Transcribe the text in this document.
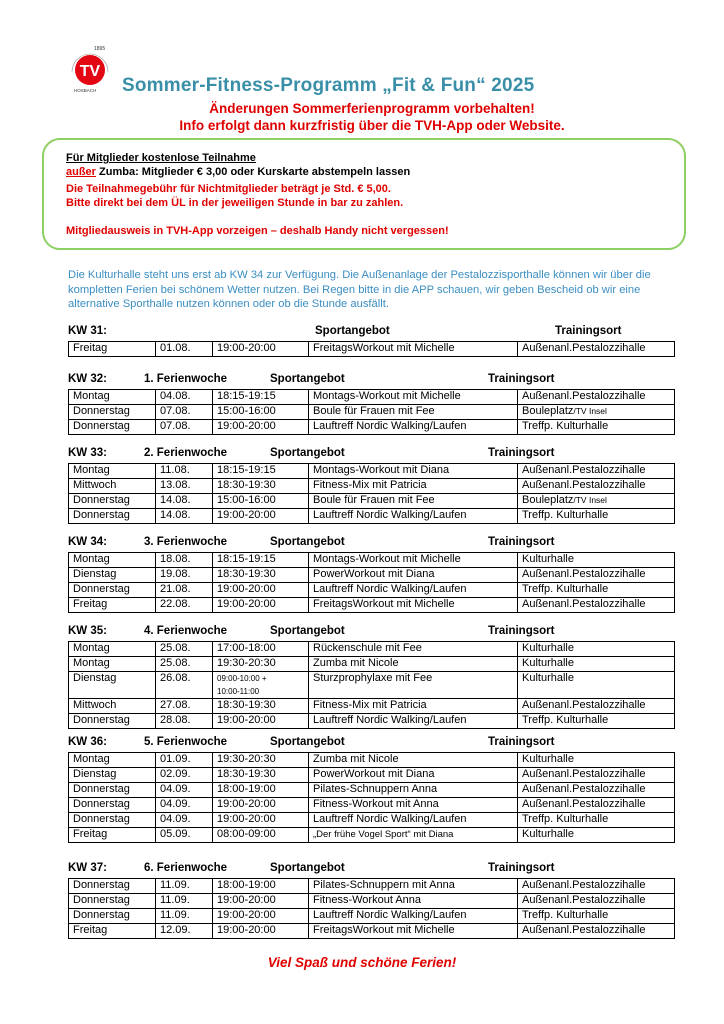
1895
TV
HOSBACH Sommer-Fitness-Programm „Fit & Fun“ 2025
Änderungen Sommerferienprogramm vorbehalten!
Info erfolgt dann kurzfristig über die TVH-App oder Website.
Für Mitglieder kostenlose Teilnahme
außer Zumba: Mitglieder € 3,00 oder Kurskarte abstempeln lassen
Die Teilnahmegebühr für Nichtmitglieder beträgt je Std. € 5,00.
Bitte direkt bei dem ÜL in der jeweiligen Stunde in bar zu zahlen.
Mitgliedausweis in TVH-App vorzeigen – deshalb Handy nicht vergessen!
Die Kulturhalle steht uns erst ab KW 34 zur Verfügung. Die Außenanlage der Pestalozzisporthalle können wir über die kompletten Ferien bei schönem Wetter nutzen. Bei Regen bitte in die APP schauen, wir geben Bescheid ob wir eine alternative Sporthalle nutzen können oder ob die Stunde ausfällt.
KW 31:	Sportangebot	Trainingsort
Freitag	01.08.	19:00-20:00	FreitagsWorkout mit Michelle	Außenanl.Pestalozzihalle
KW 32:	1. Ferienwoche	Sportangebot	Trainingsort
Montag	04.08.	18:15-19:15	Montags-Workout mit Michelle	Außenanl.Pestalozzihalle
Donnerstag	07.08.	15:00-16:00	Boule für Frauen mit Fee	Bouleplatz/TV Insel
Donnerstag	07.08.	19:00-20:00	Lauftreff Nordic Walking/Laufen	Treffp. Kulturhalle
KW 33:	2. Ferienwoche	Sportangebot	Trainingsort
Montag	11.08.	18:15-19:15	Montags-Workout mit Diana	Außenanl.Pestalozzihalle
Mittwoch	13.08.	18:30-19:30	Fitness-Mix mit Patricia	Außenanl.Pestalozzihalle
Donnerstag	14.08.	15:00-16:00	Boule für Frauen mit Fee	Bouleplatz/TV Insel
Donnerstag	14.08.	19:00-20:00	Lauftreff Nordic Walking/Laufen	Treffp. Kulturhalle
KW 34:	3. Ferienwoche	Sportangebot	Trainingsort
Montag	18.08.	18:15-19:15	Montags-Workout mit Michelle	Kulturhalle
Dienstag	19.08.	18:30-19:30	PowerWorkout mit Diana	Außenanl.Pestalozzihalle
Donnerstag	21.08.	19:00-20:00	Lauftreff Nordic Walking/Laufen	Treffp. Kulturhalle
Freitag	22.08.	19:00-20:00	FreitagsWorkout mit Michelle	Außenanl.Pestalozzihalle
KW 35:	4. Ferienwoche	Sportangebot	Trainingsort
Montag	25.08.	17:00-18:00	Rückenschule mit Fee	Kulturhalle
Montag	25.08.	19:30-20:30	Zumba mit Nicole	Kulturhalle
Dienstag	26.08.	09:00-10:00 +
10:00-11:00	Sturzprophylaxe mit Fee	Kulturhalle
Mittwoch	27.08.	18:30-19:30	Fitness-Mix mit Patricia	Außenanl.Pestalozzihalle
Donnerstag	28.08.	19:00-20:00	Lauftreff Nordic Walking/Laufen	Treffp. Kulturhalle
KW 36:	5. Ferienwoche	Sportangebot	Trainingsort
Montag	01.09.	19:30-20:30	Zumba mit Nicole	Kulturhalle
Dienstag	02.09.	18:30-19:30	PowerWorkout mit Diana	Außenanl.Pestalozzihalle
Donnerstag	04.09.	18:00-19:00	Pilates-Schnuppern Anna	Außenanl.Pestalozzihalle
Donnerstag	04.09.	19:00-20:00	Fitness-Workout mit Anna	Außenanl.Pestalozzihalle
Donnerstag	04.09.	19:00-20:00	Lauftreff Nordic Walking/Laufen	Treffp. Kulturhalle
Freitag	05.09.	08:00-09:00	„Der frühe Vogel Sport“ mit Diana	Kulturhalle
KW 37:	6. Ferienwoche	Sportangebot	Trainingsort
Donnerstag	11.09.	18:00-19:00	Pilates-Schnuppern mit Anna	Außenanl.Pestalozzihalle
Donnerstag	11.09.	19:00-20:00	Fitness-Workout Anna	Außenanl.Pestalozzihalle
Donnerstag	11.09.	19:00-20:00	Lauftreff Nordic Walking/Laufen	Treffp. Kulturhalle
Freitag	12.09.	19:00-20:00	FreitagsWorkout mit Michelle	Außenanl.Pestalozzihalle
Viel Spaß und schöne Ferien!
